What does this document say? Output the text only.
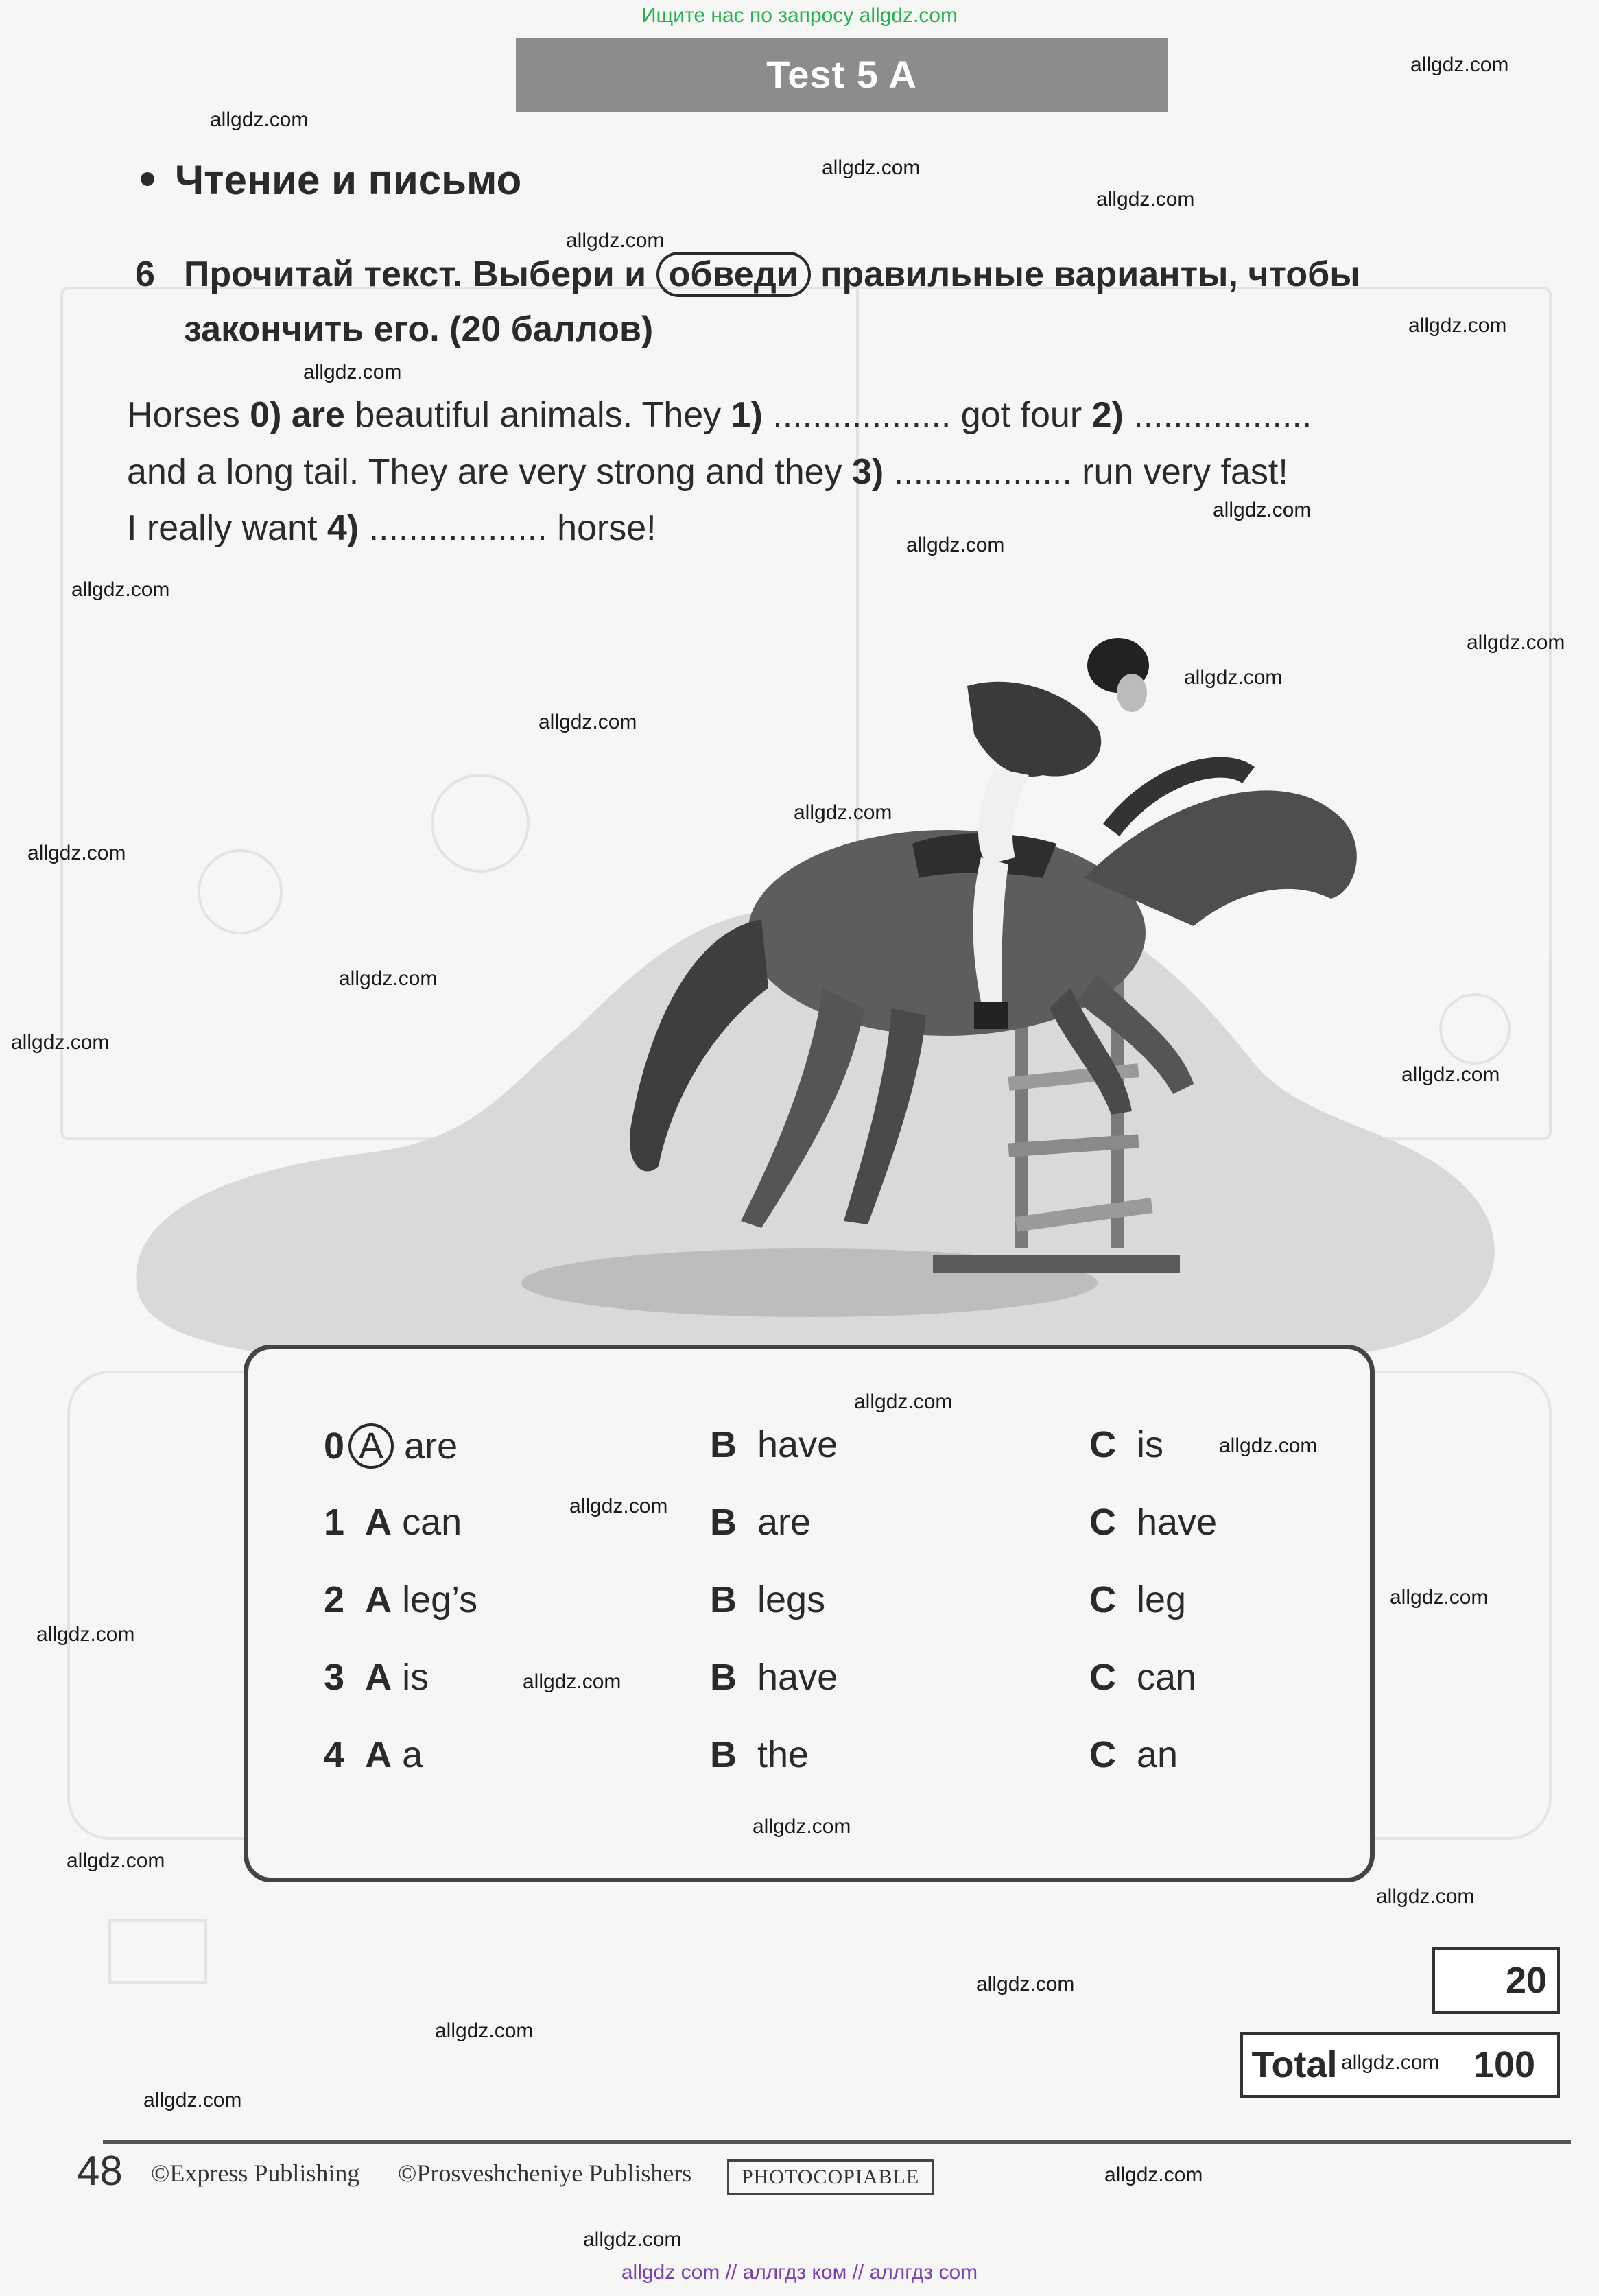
Ищите нас по запросу allgdz.com
Test 5 A
Чтение и письмо
6 Прочитай текст. Выбери и обведи правильные варианты, чтобы
закончить его. (20 баллов)
Horses 0) are beautiful animals. They 1) .................. got four 2) ..................
and a long tail. They are very strong and they 3) .................. run very fast!
I really want 4) .................. horse!
0 A are	B have	C is
1 A can	B are	C have
2 A leg’s	B legs	C leg
3 A is	B have	C can
4 A a	B the	C an
20
Total	100
48 ©Express Publishing ©Prosveshcheniye Publishers	PHOTOCOPIABLE
allgdz.com
allgdz.com
allgdz.com
allgdz.com
allgdz.com
allgdz.com
allgdz.com
allgdz.com
allgdz.com
allgdz.com
allgdz.com
allgdz.com
allgdz.com
allgdz.com
allgdz.com
allgdz.com
allgdz.com
allgdz.com
allgdz.com
allgdz.com
allgdz.com
allgdz.com
allgdz.com
allgdz.com
allgdz.com
allgdz.com
allgdz.com
allgdz.com
allgdz.com
allgdz.com
allgdz.com
allgdz.com
allgdz.com
allgdz com // аллгдз ком // аллгдз com
